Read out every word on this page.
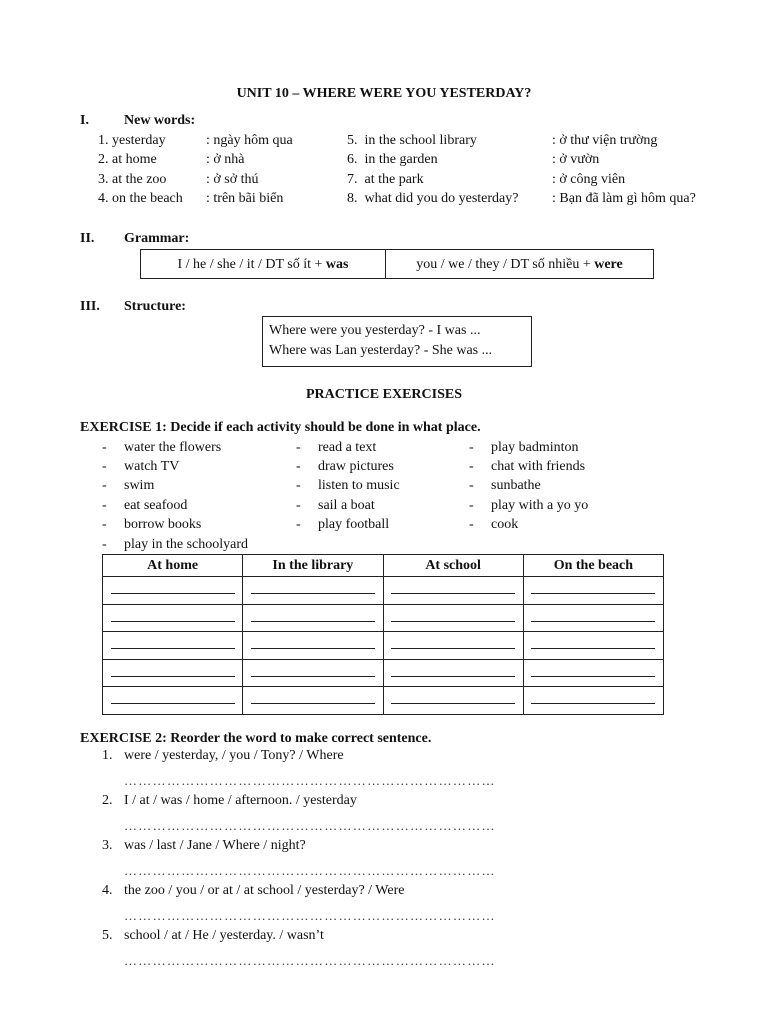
UNIT 10 – WHERE WERE YOU YESTERDAY?
I.	New words:
1. yesterday	: ngày hôm qua
2. at home	: ở nhà
3. at the zoo	: ở sở thú
4. on the beach : trên bãi biển
5.  in the school library	: ở thư viện trường
6.  in the garden	: ở vườn
7.  at the park	: ở công viên
8.  what did you do yesterday? : Bạn đã làm gì hôm qua?
II. Grammar:
I / he / she / it / DT số ít + was	you / we / they / DT số nhiều + were
III. Structure:
Where were you yesterday? - I was ...
Where was Lan yesterday? - She was ...
PRACTICE EXERCISES
EXERCISE 1: Decide if each activity should be done in what place.
- water the flowers
- watch TV
- swim
- eat seafood
- borrow books
- play in the schoolyard
- read a text
- draw pictures
- listen to music
- sail a boat
- play football
- play badminton
- chat with friends
- sunbathe
- play with a yo yo
- cook
At home	In the library	At school	On the beach

EXERCISE 2: Reorder the word to make correct sentence.
1. were / yesterday, / you / Tony? / Where
……………………………………………………………………
2. I / at / was / home / afternoon. / yesterday
……………………………………………………………………
3. was / last / Jane / Where / night?
……………………………………………………………………
4. the zoo / you / or at / at school / yesterday? / Were
……………………………………………………………………
5. school / at / He / yesterday. / wasn’t
……………………………………………………………………
